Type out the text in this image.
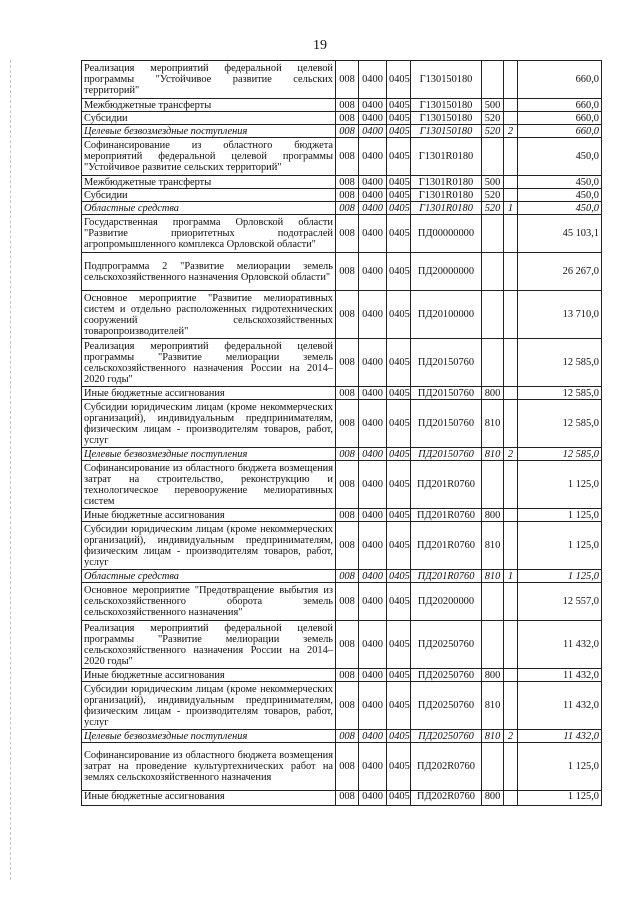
19
Реализация мероприятий федеральной целевой программы "Устойчивое развитие сельских территорий"	008	0400	0405	Г130150180			660,0
Межбюджетные трансферты	008	0400	0405	Г130150180	500		660,0
Субсидии	008	0400	0405	Г130150180	520		660,0
Целевые безвозмездные поступления	008	0400	0405	Г130150180	520	2	660,0
Софинансирование из областного бюджета мероприятий федеральной целевой программы "Устойчивое развитие сельских территорий"	008	0400	0405	Г1301R0180			450,0
Межбюджетные трансферты	008	0400	0405	Г1301R0180	500		450,0
Субсидии	008	0400	0405	Г1301R0180	520		450,0
Областные средства	008	0400	0405	Г1301R0180	520	1	450,0
Государственная программа Орловской области "Развитие приоритетных подотраслей агропромышленного комплекса Орловской области"	008	0400	0405	ПД00000000			45 103,1
Подпрограмма 2 "Развитие мелиорации земель сельскохозяйственного назначения Орловской области"	008	0400	0405	ПД20000000			26 267,0
Основное мероприятие "Развитие мелиоративных систем и отдельно расположенных гидротехнических сооружений сельскохозяйственных товаропроизводителей"	008	0400	0405	ПД20100000			13 710,0
Реализация мероприятий федеральной целевой программы "Развитие мелиорации земель сельскохозяйственного назначения России на 2014–2020 годы"	008	0400	0405	ПД20150760			12 585,0
Иные бюджетные ассигнования	008	0400	0405	ПД20150760	800		12 585,0
Субсидии юридическим лицам (кроме некоммерческих организаций), индивидуальным предпринимателям, физическим лицам - производителям товаров, работ, услуг	008	0400	0405	ПД20150760	810		12 585,0
Целевые безвозмездные поступления	008	0400	0405	ПД20150760	810	2	12 585,0
Софинансирование из областного бюджета возмещения затрат на строительство, реконструкцию и технологическое перевооружение мелиоративных систем	008	0400	0405	ПД201R0760			1 125,0
Иные бюджетные ассигнования	008	0400	0405	ПД201R0760	800		1 125,0
Субсидии юридическим лицам (кроме некоммерческих организаций), индивидуальным предпринимателям, физическим лицам - производителям товаров, работ, услуг	008	0400	0405	ПД201R0760	810		1 125,0
Областные средства	008	0400	0405	ПД201R0760	810	1	1 125,0
Основное мероприятие "Предотвращение выбытия из сельскохозяйственного оборота земель сельскохозяйственного назначения"	008	0400	0405	ПД20200000			12 557,0
Реализация мероприятий федеральной целевой программы "Развитие мелиорации земель сельскохозяйственного назначения России на 2014–2020 годы"	008	0400	0405	ПД20250760			11 432,0
Иные бюджетные ассигнования	008	0400	0405	ПД20250760	800		11 432,0
Субсидии юридическим лицам (кроме некоммерческих организаций), индивидуальным предпринимателям, физическим лицам - производителям товаров, работ, услуг	008	0400	0405	ПД20250760	810		11 432,0
Целевые безвозмездные поступления	008	0400	0405	ПД20250760	810	2	11 432,0
Софинансирование из областного бюджета возмещения затрат на проведение культуртехнических работ на землях сельскохозяйственного назначения	008	0400	0405	ПД202R0760			1 125,0
Иные бюджетные ассигнования	008	0400	0405	ПД202R0760	800		1 125,0
